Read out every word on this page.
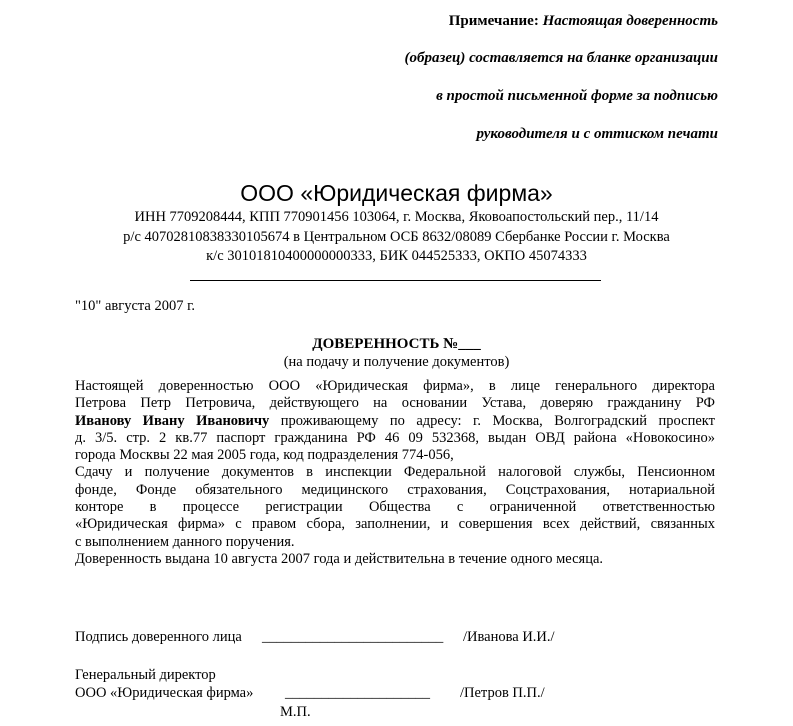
Примечание: Настоящая доверенность
(образец) составляется на бланке организации
в простой письменной форме за подписью
руководителя и с оттиском печати
ООО «Юридическая фирма»
ИНН 7709208444, КПП 770901456 103064, г. Москва, Яковоапостольский пер., 11/14
р/с 40702810838330105674 в Центральном ОСБ 8632/08089 Сбербанке России г. Москва
к/с 30101810400000000333, БИК 044525333, ОКПО 45074333
"10" августа 2007 г.
ДОВЕРЕННОСТЬ №___
(на подачу и получение документов)
Настоящей доверенностью ООО «Юридическая фирма», в лице генерального директора
Петрова Петр Петровича, действующего на основании Устава, доверяю гражданину РФ
Иванову Ивану Ивановичу проживающему по адресу: г. Москва, Волгоградский проспект
д. 3/5. стр. 2 кв.77 паспорт гражданина РФ 46 09 532368, выдан ОВД района «Новокосино»
города Москвы 22 мая 2005 года, код подразделения 774-056,
Сдачу и получение документов в инспекции Федеральной налоговой службы, Пенсионном
фонде, Фонде обязательного медицинского страхования, Соцстрахования, нотариальной
конторе в процессе регистрации Общества с ограниченной ответственностью
«Юридическая фирма» с правом сбора, заполнении, и совершения всех действий, связанных
с выполнением данного поручения.
Доверенность выдана 10 августа 2007 года и действительна в течение одного месяца.
Подпись доверенного лица _________________________ /Иванова И.И./
Генеральный директор
ООО «Юридическая фирма» ____________________ /Петров П.П./
М.П.
